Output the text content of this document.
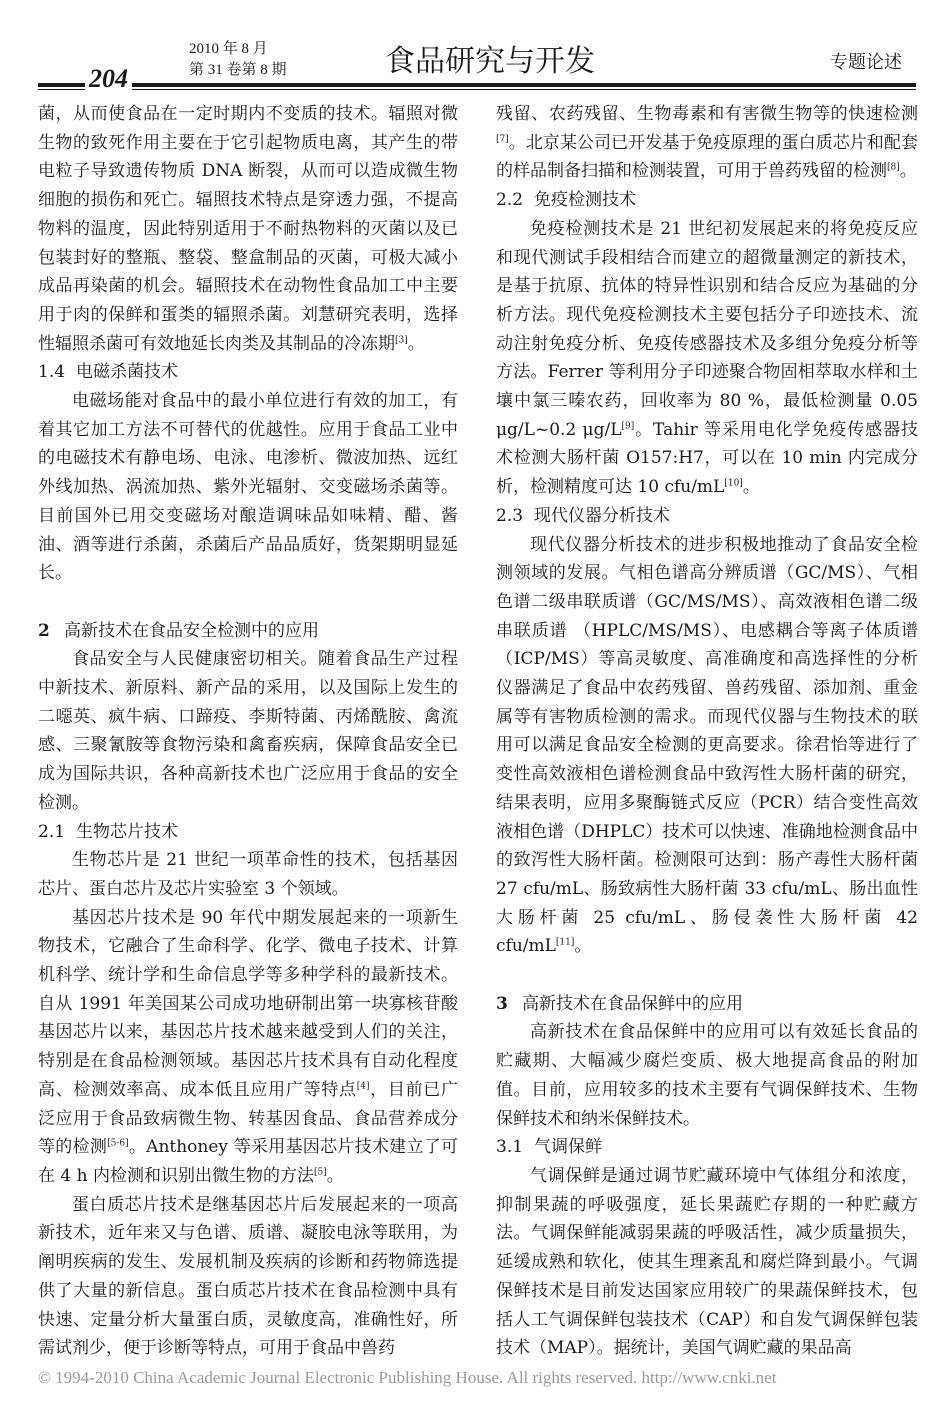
2010 年 8 月
第 31 卷第 8 期	食品研究与开发	专题论述
204

菌，从而使食品在一定时期内不变质的技术。辐照对微生物的致死作用主要在于它引起物质电离，其产生的带电粒子导致遗传物质 DNA 断裂，从而可以造成微生物细胞的损伤和死亡。辐照技术特点是穿透力强，不提高物料的温度，因此特别适用于不耐热物料的灭菌以及已包装封好的整瓶、整袋、整盒制品的灭菌，可极大减小成品再染菌的机会。辐照技术在动物性食品加工中主要用于肉的保鲜和蛋类的辐照杀菌。刘慧研究表明，选择性辐照杀菌可有效地延长肉类及其制品的冷冻期[3]。

1.4 电磁杀菌技术

电磁场能对食品中的最小单位进行有效的加工，有着其它加工方法不可替代的优越性。应用于食品工业中的电磁技术有静电场、电泳、电渗析、微波加热、远红外线加热、涡流加热、紫外光辐射、交变磁场杀菌等。目前国外已用交变磁场对酿造调味品如味精、醋、酱油、酒等进行杀菌，杀菌后产品品质好，货架期明显延长。

2 高新技术在食品安全检测中的应用

食品安全与人民健康密切相关。随着食品生产过程中新技术、新原料、新产品的采用，以及国际上发生的二噁英、疯牛病、口蹄疫、李斯特菌、丙烯酰胺、禽流感、三聚氰胺等食物污染和禽畜疾病，保障食品安全已成为国际共识，各种高新技术也广泛应用于食品的安全检测。

2.1 生物芯片技术

生物芯片是 21 世纪一项革命性的技术，包括基因芯片、蛋白芯片及芯片实验室 3 个领域。

基因芯片技术是 90 年代中期发展起来的一项新生物技术，它融合了生命科学、化学、微电子技术、计算机科学、统计学和生命信息学等多种学科的最新技术。自从 1991 年美国某公司成功地研制出第一块寡核苷酸基因芯片以来，基因芯片技术越来越受到人们的关注，特别是在食品检测领域。基因芯片技术具有自动化程度高、检测效率高、成本低且应用广等特点[4]，目前已广泛应用于食品致病微生物、转基因食品、食品营养成分等的检测[5-6]。Anthoney 等采用基因芯片技术建立了可在 4 h 内检测和识别出微生物的方法[5]。

蛋白质芯片技术是继基因芯片后发展起来的一项高新技术，近年来又与色谱、质谱、凝胶电泳等联用，为阐明疾病的发生、发展机制及疾病的诊断和药物筛选提供了大量的新信息。蛋白质芯片技术在食品检测中具有快速、定量分析大量蛋白质，灵敏度高，准确性好，所需试剂少，便于诊断等特点，可用于食品中兽药

残留、农药残留、生物毒素和有害微生物等的快速检测[7]。北京某公司已开发基于免疫原理的蛋白质芯片和配套的样品制备扫描和检测装置，可用于兽药残留的检测[8]。

2.2 免疫检测技术

免疫检测技术是 21 世纪初发展起来的将免疫反应和现代测试手段相结合而建立的超微量测定的新技术，是基于抗原、抗体的特异性识别和结合反应为基础的分析方法。现代免疫检测技术主要包括分子印迹技术、流动注射免疫分析、免疫传感器技术及多组分免疫分析等方法。Ferrer 等利用分子印迹聚合物固相萃取水样和土壤中氯三嗪农药，回收率为 80 %，最低检测量 0.05 μg/L~0.2 μg/L[9]。Tahir 等采用电化学免疫传感器技术检测大肠杆菌 O157:H7，可以在 10 min 内完成分析，检测精度可达 10 cfu/mL[10]。

2.3 现代仪器分析技术

现代仪器分析技术的进步积极地推动了食品安全检测领域的发展。气相色谱高分辨质谱（GC/MS）、气相色谱二级串联质谱（GC/MS/MS）、高效液相色谱二级串联质谱 （HPLC/MS/MS）、电感耦合等离子体质谱（ICP/MS）等高灵敏度、高准确度和高选择性的分析仪器满足了食品中农药残留、兽药残留、添加剂、重金属等有害物质检测的需求。而现代仪器与生物技术的联用可以满足食品安全检测的更高要求。徐君怡等进行了变性高效液相色谱检测食品中致泻性大肠杆菌的研究，结果表明，应用多聚酶链式反应（PCR）结合变性高效液相色谱（DHPLC）技术可以快速、准确地检测食品中的致泻性大肠杆菌。检测限可达到：肠产毒性大肠杆菌 27 cfu/mL、肠致病性大肠杆菌 33 cfu/mL、肠出血性大肠杆菌 25 cfu/mL、肠侵袭性大肠杆菌 42 cfu/mL[11]。

3 高新技术在食品保鲜中的应用

高新技术在食品保鲜中的应用可以有效延长食品的贮藏期、大幅减少腐烂变质、极大地提高食品的附加值。目前，应用较多的技术主要有气调保鲜技术、生物保鲜技术和纳米保鲜技术。

3.1 气调保鲜

气调保鲜是通过调节贮藏环境中气体组分和浓度，抑制果蔬的呼吸强度，延长果蔬贮存期的一种贮藏方法。气调保鲜能减弱果蔬的呼吸活性，减少质量损失，延缓成熟和软化，使其生理紊乱和腐烂降到最小。气调保鲜技术是目前发达国家应用较广的果蔬保鲜技术，包括人工气调保鲜包装技术（CAP）和自发气调保鲜包装技术（MAP）。据统计，美国气调贮藏的果品高

© 1994-2010 China Academic Journal Electronic Publishing House. All rights reserved. http://www.cnki.net
